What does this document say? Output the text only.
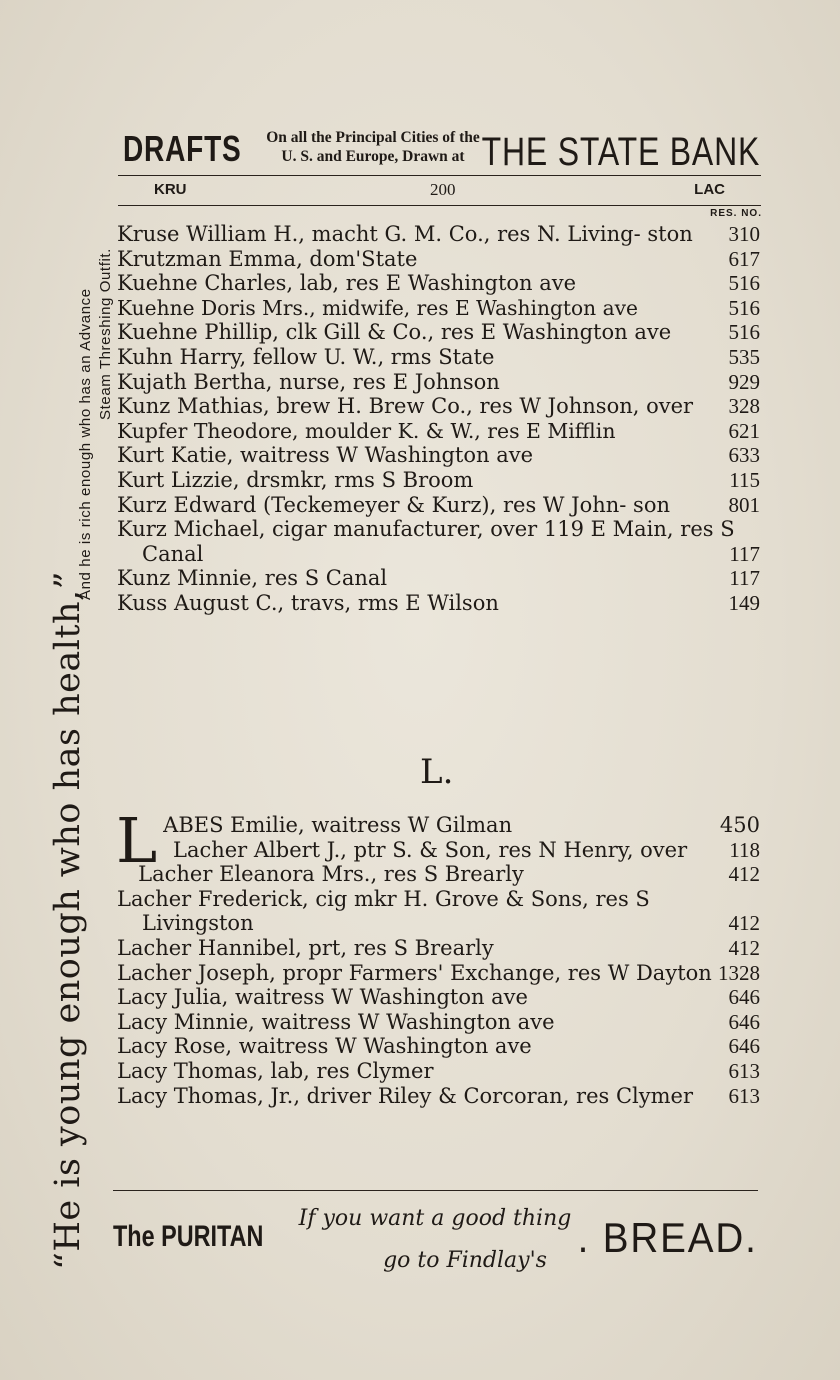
“He is young enough who has health,”
And he is rich enough who has an Advance Steam Threshing Outfit.
DRAFTS	On all the Principal Cities of the
U. S. and Europe, Drawn at THE STATE BANK
KRU	200	LAC
RES. NO.
Kruse William H., macht G. M. Co., res N. Living- ston 310
Krutzman Emma, dom'State	617
Kuehne Charles, lab, res E Washington ave	516
Kuehne Doris Mrs., midwife, res E Washington ave	516
Kuehne Phillip, clk Gill & Co., res E Washington ave	516
Kuhn Harry, fellow U. W., rms State	535
Kujath Bertha, nurse, res E Johnson	929
Kunz Mathias, brew H. Brew Co., res W Johnson, over 328
Kupfer Theodore, moulder K. & W., res E Mifflin	621
Kurt Katie, waitress W Washington ave	633
Kurt Lizzie, drsmkr, rms S Broom	115
Kurz Edward (Teckemeyer & Kurz), res W John- son	801
Kurz Michael, cigar manufacturer, over 119 E Main, res S Canal	117
Kunz Minnie, res S Canal	117
Kuss August C., travs, rms E Wilson	149
L.
L ABES Emilie, waitress W Gilman	450
Lacher Albert J., ptr S. & Son, res N Henry, over 118
Lacher Eleanora Mrs., res S Brearly	412
Lacher Frederick, cig mkr H. Grove & Sons, res S Livingston	412
Lacher Hannibel, prt, res S Brearly	412
Lacher Joseph, propr Farmers' Exchange, res W Dayton 1328
Lacy Julia, waitress W Washington ave	646
Lacy Minnie, waitress W Washington ave	646
Lacy Rose, waitress W Washington ave	646
Lacy Thomas, lab, res Clymer	613
Lacy Thomas, Jr., driver Riley & Corcoran, res Clymer 613
The PURITAN
If you want a good thing
go to Findlay's . BREAD.
